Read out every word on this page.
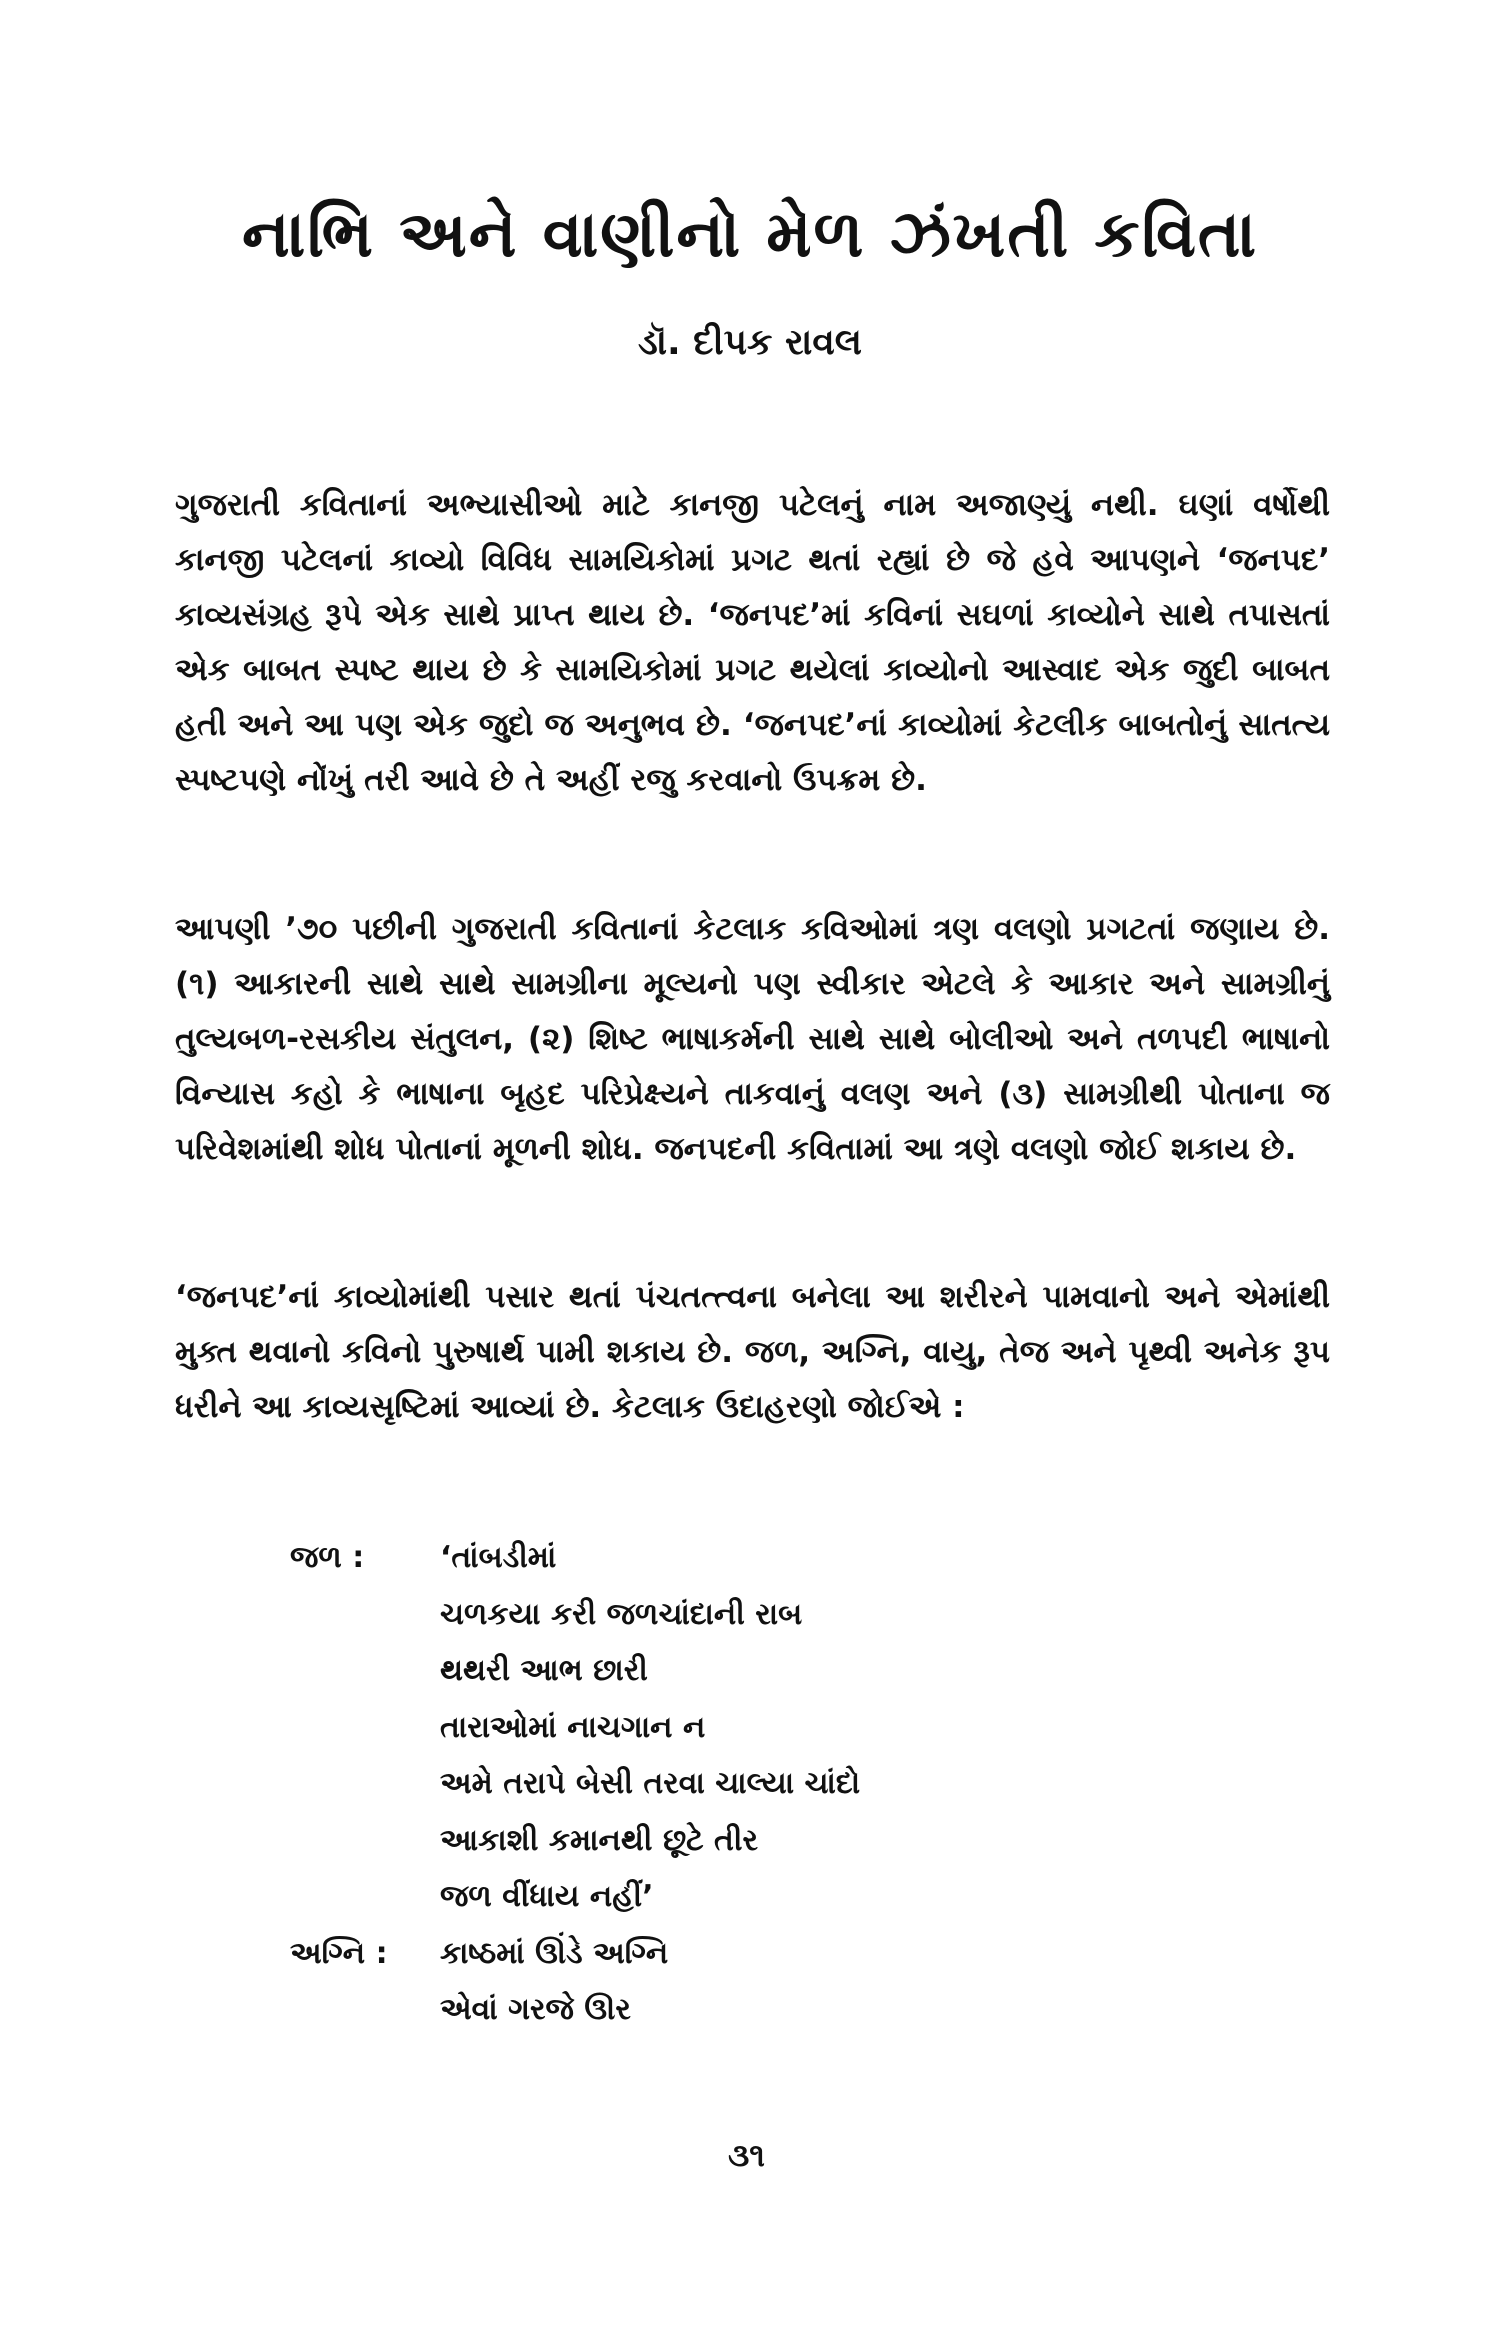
નાભિ અને વાણીનો મેળ ઝંખતી કવિતા
ડૉ. દીપક રાવલ

ગુજરાતી કવિતાનાં અભ્યાસીઓ માટે કાનજી પટેલનું નામ અજાણ્યું નથી. ઘણાં વર્ષોથી કાનજી પટેલનાં કાવ્યો વિવિધ સામયિકોમાં પ્રગટ થતાં રહ્યાં છે જે હવે આપણને ‘જનપદ’ કાવ્યસંગ્રહ રૂપે એક સાથે પ્રાપ્ત થાય છે. ‘જનપદ’માં કવિનાં સઘળાં કાવ્યોને સાથે તપાસતાં એક બાબત સ્પષ્ટ થાય છે કે સામયિકોમાં પ્રગટ થયેલાં કાવ્યોનો આસ્વાદ એક જુદી બાબત હતી અને આ પણ એક જુદો જ અનુભવ છે. ‘જનપદ’નાં કાવ્યોમાં કેટલીક બાબતોનું સાતત્ય સ્પષ્ટપણે નોંખું તરી આવે છે તે અહીં રજુ કરવાનો ઉપક્રમ છે.

આપણી ’૭૦ પછીની ગુજરાતી કવિતાનાં કેટલાક કવિઓમાં ત્રણ વલણો પ્રગટતાં જણાય છે. (૧) આકારની સાથે સાથે સામગ્રીના મૂલ્યનો પણ સ્વીકાર એટલે કે આકાર અને સામગ્રીનું તુલ્યબળ-રસકીય સંતુલન, (૨) શિષ્ટ ભાષાકર્મની સાથે સાથે બોલીઓ અને તળપદી ભાષાનો વિન્યાસ કહો કે ભાષાના બૃહદ પરિપ્રેક્ષ્યને તાકવાનું વલણ અને (૩) સામગ્રીથી પોતાના જ પરિવેશમાંથી શોધ પોતાનાં મૂળની શોધ. જનપદની કવિતામાં આ ત્રણે વલણો જોઈ શકાય છે.

‘જનપદ’નાં કાવ્યોમાંથી પસાર થતાં પંચતત્ત્વના બનેલા આ શરીરને પામવાનો અને એમાંથી મુક્ત થવાનો કવિનો પુરુષાર્થ પામી શકાય છે. જળ, અગ્નિ, વાયુ, તેજ અને પૃથ્વી અનેક રૂપ ધરીને આ કાવ્યસૃષ્ટિમાં આવ્યાં છે. કેટલાક ઉદાહરણો જોઈએ :

જળ :	‘તાંબડીમાં
ચળકયા કરી જળચાંદાની રાબ
થથરી આભ છારી
તારાઓમાં નાચગાન ન
અમે તરાપે બેસી તરવા ચાલ્યા ચાંદો
આકાશી કમાનથી છૂટે તીર
જળ વીંધાય નહીં’
અગ્નિ :	કાષ્ઠમાં ઊંડે અગ્નિ
એવાં ગરજે ઊર
૩૧
